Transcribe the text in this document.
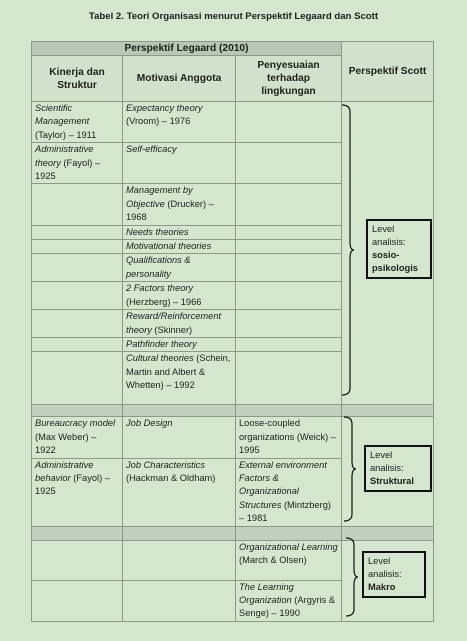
Tabel 2. Teori Organisasi menurut Perspektif Legaard dan Scott
Perspektif Legaard (2010)			Perspektif Scott
Kinerja dan Struktur	Motivasi Anggota	Penyesuaian terhadap lingkungan	
Scientific Management (Taylor) – 1911	Expectancy theory (Vroom) – 1976		
Administrative theory (Fayol) – 1925	Self-efficacy		
	Management by Objective (Drucker) – 1968		
	Needs theories		
	Motivational theories		
	Qualifications & personality		
	2 Factors theory (Herzberg) – 1966		
	Reward/Reinforcement theory (Skinner)		
	Pathfinder theory		
	Cultural theories (Schein, Martin and Albert & Whetten) – 1992		

Bureaucracy model (Max Weber) – 1922	Job Design	Loose-coupled organizations (Weick) – 1995	
Administrative behavior (Fayol) – 1925	Job Characteristics (Hackman & Oldham)	External environment Factors & Organizational Structures (Mintzberg) – 1981	

		Organizational Learning (March & Olsen)	
		The Learning Organization (Argyris & Senge) – 1990	
Level analisis:
sosio-psikologis
Level analisis:
Struktural
Level analisis:
Makro
